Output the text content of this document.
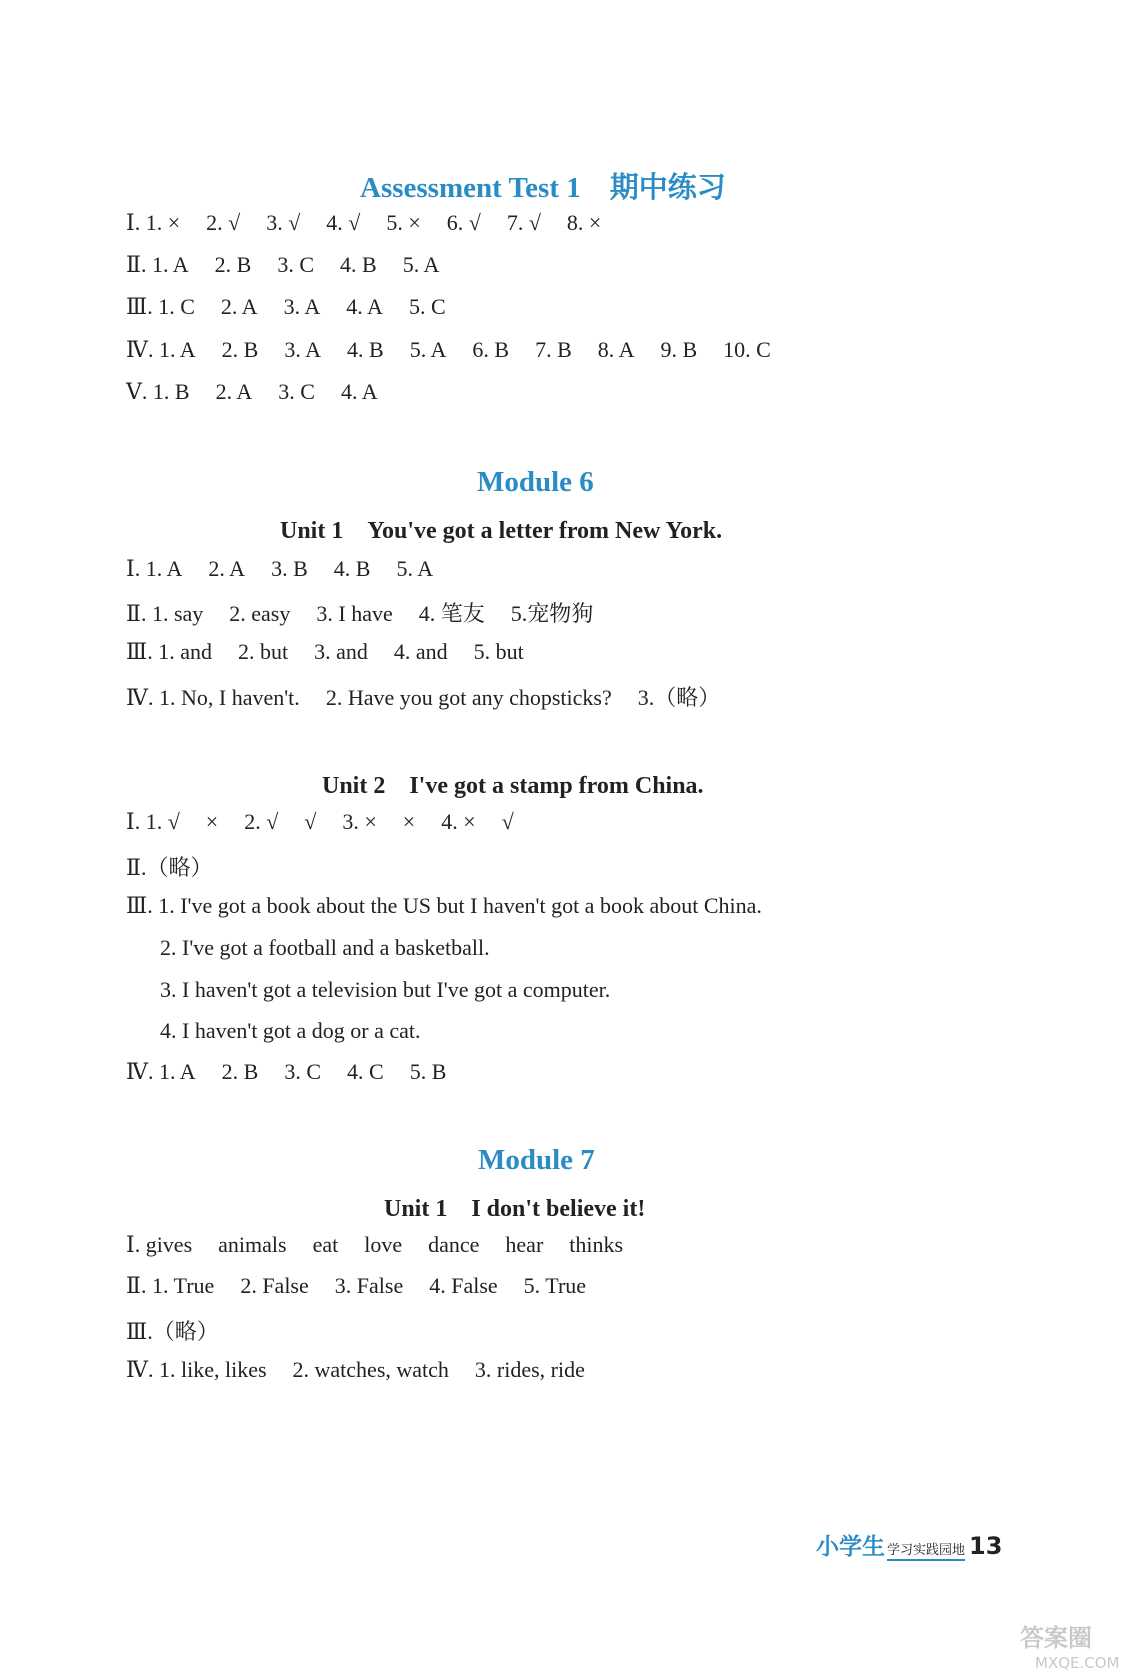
Assessment Test 1　期中练习
Ⅰ. 1. × 2. √ 3. √ 4. √ 5. × 6. √ 7. √ 8. ×
Ⅱ. 1. A 2. B 3. C 4. B 5. A
Ⅲ. 1. C 2. A 3. A 4. A 5. C
Ⅳ. 1. A 2. B 3. A 4. B 5. A 6. B 7. B 8. A 9. B 10. C
Ⅴ. 1. B 2. A 3. C 4. A
Module 6
Unit 1　You've got a letter from New York.
Ⅰ. 1. A 2. A 3. B 4. B 5. A
Ⅱ. 1. say 2. easy 3. I have 4. 笔友 5.宠物狗
Ⅲ. 1. and 2. but 3. and 4. and 5. but
Ⅳ. 1. No, I haven't. 2. Have you got any chopsticks? 3.（略）
Unit 2　I've got a stamp from China.
Ⅰ. 1. √ × 2. √ √ 3. × × 4. × √
Ⅱ.（略）
Ⅲ. 1. I've got a book about the US but I haven't got a book about China.
2. I've got a football and a basketball.
3. I haven't got a television but I've got a computer.
4. I haven't got a dog or a cat.
Ⅳ. 1. A 2. B 3. C 4. C 5. B
Module 7
Unit 1　I don't believe it!
Ⅰ. gives animals eat love dance hear thinks
Ⅱ. 1. True 2. False 3. False 4. False 5. True
Ⅲ.（略）
Ⅳ. 1. like, likes 2. watches, watch 3. rides, ride
小学生 学习实践园地 13
答案圈
MXQE.COM
